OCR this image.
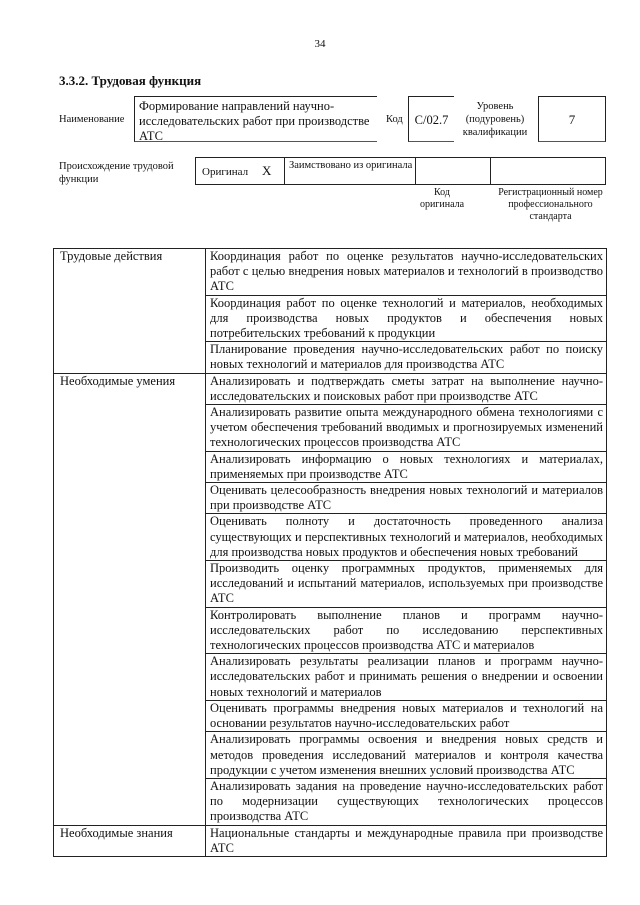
34
3.3.2. Трудовая функция
Наименование
Формирование направлений научно-исследовательских работ при производстве АТС
Код С/02.7
Уровень (подуровень) квалификации
7
Происхождение трудовой функции
Оригинал X Заимствовано из оригинала
Код оригинала
Регистрационный номер профессионального стандарта
Трудовые действия	Координация работ по оценке результатов научно-исследовательских работ с целью внедрения новых материалов и технологий в производство АТС
	Координация работ по оценке технологий и материалов, необходимых для производства новых продуктов и обеспечения новых потребительских требований к продукции
	Планирование проведения научно-исследовательских работ по поиску новых технологий и материалов для производства АТС
Необходимые умения	Анализировать и подтверждать сметы затрат на выполнение научно-исследовательских и поисковых работ при производстве АТС
	Анализировать развитие опыта международного обмена технологиями с учетом обеспечения требований вводимых и прогнозируемых изменений технологических процессов производства АТС
	Анализировать информацию о новых технологиях и материалах, применяемых при производстве АТС
	Оценивать целесообразность внедрения новых технологий и материалов при производстве АТС
	Оценивать полноту и достаточность проведенного анализа существующих и перспективных технологий и материалов, необходимых для производства новых продуктов и обеспечения новых требований
	Производить оценку программных продуктов, применяемых для исследований и испытаний материалов, используемых при производстве АТС
	Контролировать выполнение планов и программ научно-исследовательских работ по исследованию перспективных технологических процессов производства АТС и материалов
	Анализировать результаты реализации планов и программ научно-исследовательских работ и принимать решения о внедрении и освоении новых технологий и материалов
	Оценивать программы внедрения новых материалов и технологий на основании результатов научно-исследовательских работ
	Анализировать программы освоения и внедрения новых средств и методов проведения исследований материалов и контроля качества продукции с учетом изменения внешних условий производства АТС
	Анализировать задания на проведение научно-исследовательских работ по модернизации существующих технологических процессов производства АТС
Необходимые знания	Национальные стандарты и международные правила при производстве АТС
